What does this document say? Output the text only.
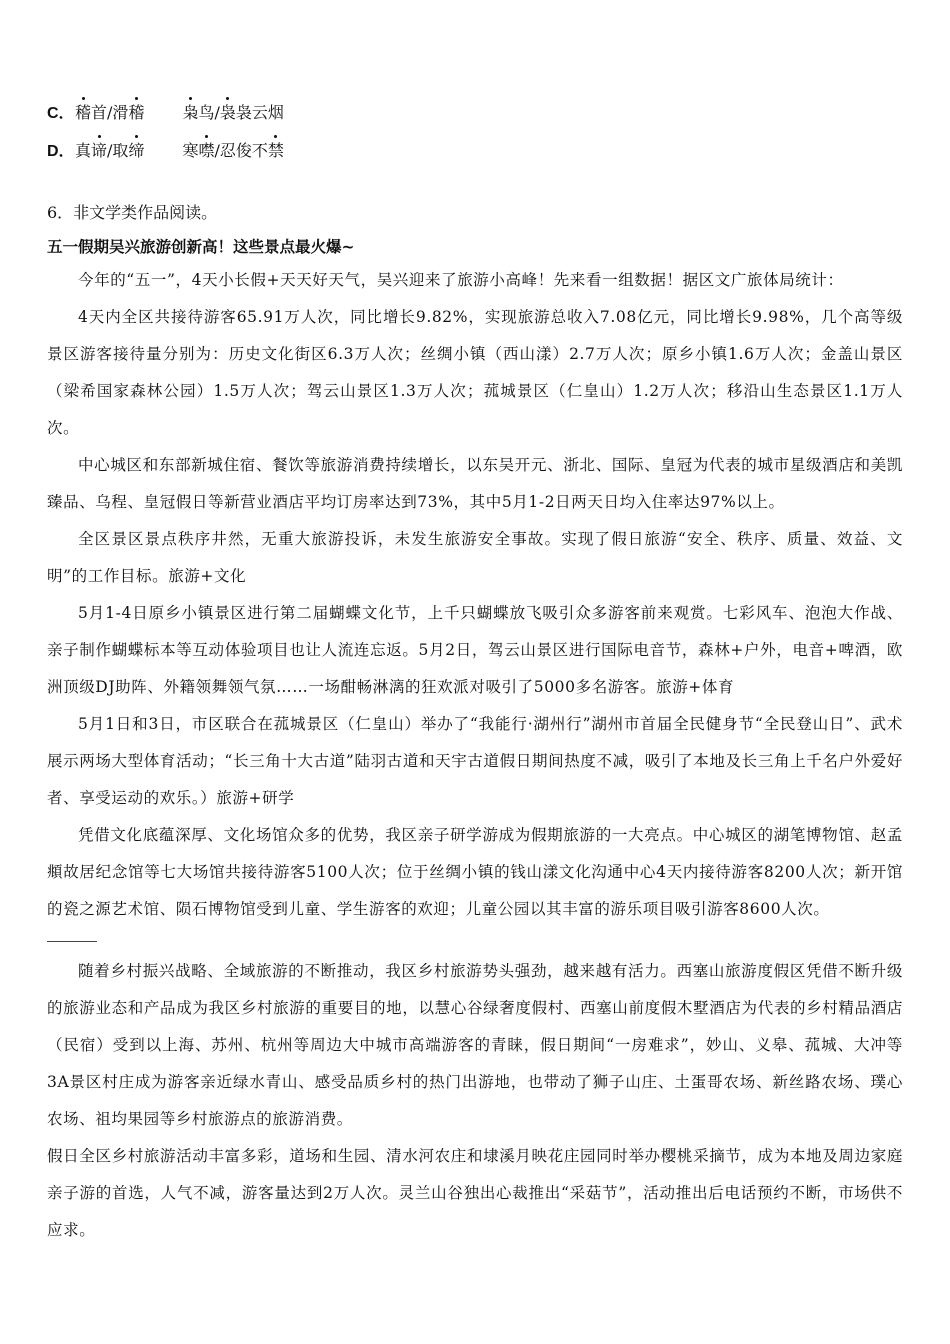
C．稽首/滑稽 枭鸟/袅袅云烟
D．真谛/取缔 寒噤/忍俊不禁
6．非文学类作品阅读。
五一假期吴兴旅游创新高！这些景点最火爆~

今年的“五一”，4天小长假+天天好天气，吴兴迎来了旅游小高峰！先来看一组数据！据区文广旅体局统计：

4天内全区共接待游客65.91万人次，同比增长9.82%，实现旅游总收入7.08亿元，同比增长9.98%，几个高等级景区游客接待量分别为：历史文化街区6.3万人次；丝绸小镇（西山漾）2.7万人次；原乡小镇1.6万人次；金盖山景区（梁希国家森林公园）1.5万人次；驾云山景区1.3万人次；菰城景区（仁皇山）1.2万人次；移沿山生态景区1.1万人次。

中心城区和东部新城住宿、餐饮等旅游消费持续增长，以东吴开元、浙北、国际、皇冠为代表的城市星级酒店和美凯臻品、乌程、皇冠假日等新营业酒店平均订房率达到73%，其中5月1-2日两天日均入住率达97%以上。

全区景区景点秩序井然，无重大旅游投诉，未发生旅游安全事故。实现了假日旅游“安全、秩序、质量、效益、文明”的工作目标。旅游+文化

5月1-4日原乡小镇景区进行第二届蝴蝶文化节，上千只蝴蝶放飞吸引众多游客前来观赏。七彩风车、泡泡大作战、亲子制作蝴蝶标本等互动体验项目也让人流连忘返。5月2日，驾云山景区进行国际电音节，森林+户外，电音+啤酒，欧洲顶级DJ助阵、外籍领舞领气氛……一场酣畅淋漓的狂欢派对吸引了5000多名游客。旅游+体育

5月1日和3日，市区联合在菰城景区（仁皇山）举办了“我能行·湖州行”湖州市首届全民健身节“全民登山日”、武术展示两场大型体育活动；“长三角十大古道”陆羽古道和天宇古道假日期间热度不减，吸引了本地及长三角上千名户外爱好者、享受运动的欢乐。）旅游+研学

凭借文化底蕴深厚、文化场馆众多的优势，我区亲子研学游成为假期旅游的一大亮点。中心城区的湖笔博物馆、赵孟頫故居纪念馆等七大场馆共接待游客5100人次；位于丝绸小镇的钱山漾文化沟通中心4天内接待游客8200人次；新开馆的瓷之源艺术馆、陨石博物馆受到儿童、学生游客的欢迎；儿童公园以其丰富的游乐项目吸引游客8600人次。

随着乡村振兴战略、全域旅游的不断推动，我区乡村旅游势头强劲，越来越有活力。西塞山旅游度假区凭借不断升级的旅游业态和产品成为我区乡村旅游的重要目的地，以慧心谷绿奢度假村、西塞山前度假木墅酒店为代表的乡村精品酒店（民宿）受到以上海、苏州、杭州等周边大中城市高端游客的青睐，假日期间“一房难求”，妙山、义皋、菰城、大冲等3A景区村庄成为游客亲近绿水青山、感受品质乡村的热门出游地，也带动了狮子山庄、土蛋哥农场、新丝路农场、璞心农场、祖均果园等乡村旅游点的旅游消费。

假日全区乡村旅游活动丰富多彩，道场和生园、清水河农庄和埭溪月映花庄园同时举办樱桃采摘节，成为本地及周边家庭亲子游的首选，人气不减，游客量达到2万人次。灵兰山谷独出心裁推出“采菇节”，活动推出后电话预约不断，市场供不应求。
